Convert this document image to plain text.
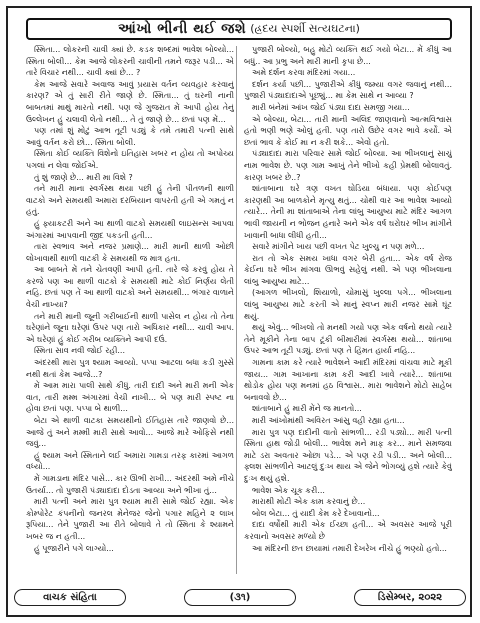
આંખો ભીની થઈ જશે (હ્રદય સ્પર્શી સત્યઘટના)

સ્મિતા... લોકરની ચાવી ક્યાં છે. કડક શબ્દમાં ભાવેશ બોલ્યો... સ્મિતા બોલી... કેમ આજે લોકરની ચાવીની તમને જરૂર પડી... એ તારે વિચાર નથી... ચાવી ક્યાં છે... ?

કેમ આજે સવારે અવાજ આવું પ્રયાસ વર્તન વ્યવહાર કરવાનું કારણ? એ તું સારી રીતે જાણે છે. સ્મિતા... તું ઘરની નાની બાબતમાં માથું મારતો નથી. પણ જે ગુજરાત મેં આપી હોય તેનું ઉલ્લેખન હું ચલાવી લેતો નથી... તે તું જાણે છે... છતાં પણ મેં...

પણ તમાં શું મોટું આભ તૂટી પડ્યું કે તમે તમારી પત્ની સાથે આવું વર્તન કરો છો... સ્મિતા બોલી.

સ્મિતા કોઈ વ્યક્તિ વિશેનો ઇતિહાસ ખબર ન હોય તો અપોચ્ય પગલાં ન લેવા જોઈએ.

તું શું જાણે છે... મારી મા વિશે ?

તને મારી માના સ્વર્ગસ્થ થયા પછી હું તેની પીતળની થાળી વાટકો અને સમયથી અમારા દરબિયાન વાપરતી હતી એ ગમતું ન હતું.

હું ફ્યાકટરી અને આ થાળી વાટકો સમયથી લાઇસન્સ આપવા અંગારમાં આપવાની જીદ પકડતી હતી...

તારા સ્વભાવ અને નજર પ્રમાણે... મારી માની થાળી ઓછી લોખાવાથી થાળી વાટકી કે સમયથી જ માત્ર હતા.

આ બાબતે મેં તને ચેતવણી આપી હતી. તારે જે કરવું હોય તે કરજે પણ આ થાળી વાટકો કે સમયથી માટે કોઈ નિર્ણય લેતી નહિ. છતાં પણ તેં આ થાળી વાટકો અને સમયથી... ભંગાર વાળાને વેચી નાખ્યા?

તને મારી માની જૂની ગરીબાઈની થાળી પાસેલ ન હોય તો તેના ઘરેણાંને જૂના ઘરેણાં ઉપર પણ તારો અધિકાર નથી... ચાવી આપ. એ ઘરેણાં હું કોઈ ગરીબ વ્યક્તિને આપી દઉં.

સ્મિતા સાવ નવી જોઈ રહી...

અંદરથી મારા પુત્ર શ્યામ આવ્યો. પપ્પા આટલા બધા કડી ગુસ્સે નથી થતાં કેમ આજે...?

મેં આમ મારા પાલી સાથે કીધું. તારી દાદી અને મારી મની એક વાત, તારી મમ્મ અંગારમાં વેચી નાખી... બે પણ મારી સ્પષ્ટ ના હોવા છતાં પણ. પપ્પા બે થાળી...

બેટા એ થાળી વાટકા સમયથીનો ઈતિહાસ તારે જાણવો છે... આજે તું અને મમ્મી મારી સાથે આવો... આજે મારે ઓફિસે નથી જવું...

હું શ્યામ અને સ્મિતાને લઈ અમારા ગામડા તરફ કારમાં આગળ વધ્યો...

મેં ગામડાના મંદિર પાસે... કાર ઊભી રાખી... અંદરથી અમે નીચે ઉતર્યા... તો પુજારી પંડ્યાદાદા દોડતા આવ્યા અને ભીખા તું...

મારી પત્ની અને મારા પુત્ર શ્યામ મારી સામે જોઈ રહ્યા. એક કોમ્પોરેટ કંપનીનો જનરલ મેનેજર જેનો પગાર મહિને ૨ લાખ રૂપિયા... તેને પુજારી આ રીતે બોલાવે તે તો સ્મિતા કે શ્યામને ખબર જ ન હતી...

હું પૂજારીને પગે લાગ્યો...

પુજારી બોલ્યો, બહુ મોટો વ્યક્તિ થઈ ગયો બેટા... મેં કીધું આ બધું.. આ પ્રભુ અને મારી માની કૃપા છે...

અમે દર્શન કરવા મંદિરમાં ગયા...

દર્શન કર્યા પછી... પુજારીએ કીધું જમ્યા વગર જવાનું નથી... પુજારી પંડ્યાદાદાએ પૂછ્યું... મા કેમ સાથે ન આવ્યા ?

મારી બંનેમાં આંખ જોઈ પંડ્યા દાદા સમજી ગયા...

એ બોલ્યા, બેટા... તારી માની અલિદ જાણવાનો આત્મવિશ્વાસ હતો ભણી ભણે ઓલું હતી. પણ તારો ઉછેર વગર ભાવે કર્યો. એ છતાં ભાવ કે કોઈ મા ન કરી શકે... એવો હતો.

પંડ્યાદાદા મારા પરિવાર સામે જોઈ બોલ્યા. આ ભીખલાનું સાચું નામ ભાવેશ છે. પણ ગામ આખું તેને ભીખો કહી પ્રેમથી બોલાવતું. કારણ ખબર છે..?

શાંતાબાના ઘરે ત્રણ વખત ઘોડિયા બંધાયા. પણ કોઈપણ કારણથી આ બાળકોને મૃત્યુ થતું... ચોથી વાર આ ભાવેશ આવ્યો ત્યારે... તેની મા શાંતાબાએ તેના લાંબુ આયુષ્ય માટે મંદિર આગળ ભાવી જાયની ન ભોજન હનારે અને એક વર્ષ ઘરોઘર ભીખ માંગીને ખાવાની બાધા લીધી હતી...

સવારે માંગીને ખાય પછી વખત પેટ ખુલ્ચુ ન પણ મળે...

રાત તો એક સમય ખાધા વગર બેરી હતા... એક વર્ષ રોજ કેઈના ઘરે ભીખ માંગવા ઊભવું સહેલું નથી. એ પણ ભીખલાના લાંબુ આયુષ્ય માટે...

(આગળ ભીખલો, શિયાળો, ચોમાસું ખુલ્લા પગે... ભીખલાના લાંબુ આયુષ્ય માટે કરતી એ માનું સ્વપ્ન મારી નજર સામે ઘૂંટ થયું.

થયું એવું... ભીખલો તો મનથી ગયો પણ એક વર્ષનો થયો ત્યારે તેને મૂકીને તેના બાપ ટૂંકી બીમારીમાં સ્વર્ગસ્થ થયો... શાંતાબા ઉપર આભ તૂટી પડ્યું. છતાં પણ તે હિંમત હાર્યા નહિ...

ગામના કામ કરે ત્યારે ભાવેશને આદી મંદિરમાં વાંચવા માટે મૂકી જાય... ગામ આખાના કામ કરી આદી ખાવે ત્યારે... શાંતાબા થોડોક હોય પણ મનમાં હઠ વિશ્વાસ.. મારા ભાવેશને મોટો સાહેબ બનાવવો છે...

શાંતાબાને હું મારી મેંને જ માનતો...

મારી આંખોમાંથી અવિરત આંસુ વહી રહ્યા હતા...

મારા પુત્ર પણ દાદીની વાતો સાંભળી... રડી પડ્યો... મારી પત્ની સ્મિતા હાથ જોડી બોલી... ભાવેશ મને માફ કર... માને સમજવા માટે ડરા અવતાર ઓછા પડે... એ પણ રડી પડી... અને બોલી... ફ્લશ સાંભળીને આટલું દુઃખ થાય એ જેને ભોગવ્યું હશે ત્યારે કેવું દુઃખ થયું હશે.

ભાવેશ એક ચૂક કરી...

મારાથી મોટી એક કામ કરવાનું છે...

બોલ બેટા... તું યાદી કેમ કરે દેખાવાનો...

દાદા વર્ષોથી મારી એક ઈચ્છા હતી... એ અવસર આજે પૂરી કરવાનો અવસર મળ્યો છે

આ મંદિરની છત છાયામાં તમારી દેખરેખ નીચે હું ભણ્યો હતો...

વાચક સંહિતા	(૩૧)	ડિસેમ્બર, ૨૦૨૨
